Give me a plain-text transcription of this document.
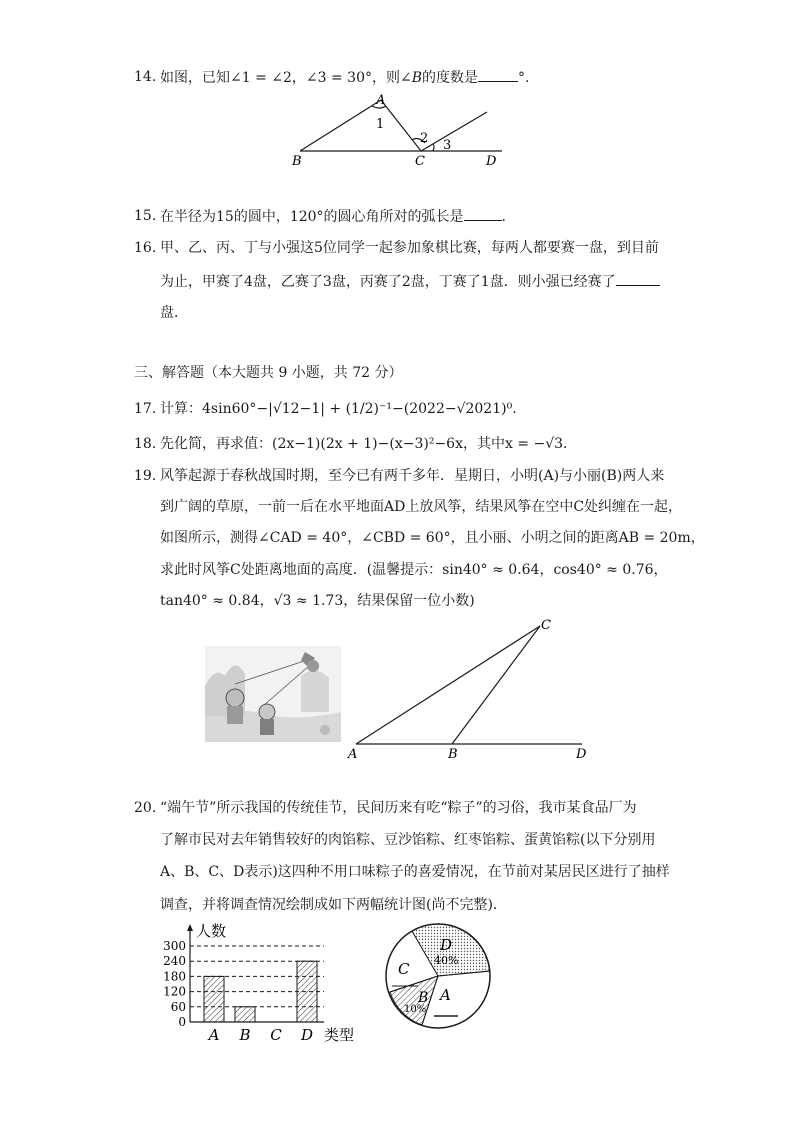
14. 如图，已知∠1 = ∠2，∠3 = 30°，则∠B的度数是	°.
A
1
2 3
B	C	D
15. 在半径为15的圆中，120°的圆心角所对的弧长是	.
16. 甲、乙、丙、丁与小强这5位同学一起参加象棋比赛，每两人都要赛一盘，到目前
为止，甲赛了4盘，乙赛了3盘，丙赛了2盘，丁赛了1盘．则小强已经赛了
盘．
三、解答题（本大题共 9 小题，共 72 分）
17. 计算：4sin60°−|√12−1| + (1/2)⁻¹−(2022−√2021)⁰.
18. 先化简，再求值：(2x−1)(2x + 1)−(x−3)²−6x，其中x = −√3.
19. 风筝起源于春秋战国时期，至今已有两千多年．星期日，小明(A)与小丽(B)两人来
到广阔的草原，一前一后在水平地面AD上放风筝，结果风筝在空中C处纠缠在一起，
如图所示，测得∠CAD = 40°，∠CBD = 60°，且小丽、小明之间的距离AB = 20m，
求此时风筝C处距离地面的高度．(温馨提示：sin40° ≈ 0.64，cos40° ≈ 0.76，
tan40° ≈ 0.84，√3 ≈ 1.73，结果保留一位小数)
C
A	B	D
20. “端午节”所示我国的传统佳节，民间历来有吃“粽子”的习俗，我市某食品厂为
了解市民对去年销售较好的肉馅粽、豆沙馅粽、红枣馅粽、蛋黄馅粽(以下分别用
A、B、C、D表示)这四种不用口味粽子的喜爱情况，在节前对某居民区进行了抽样
调查，并将调查情况绘制成如下两幅统计图(尚不完整)．
人数
300
240
180
120
60
0
A B C D 类型
D
40%
C
B
10%
A
